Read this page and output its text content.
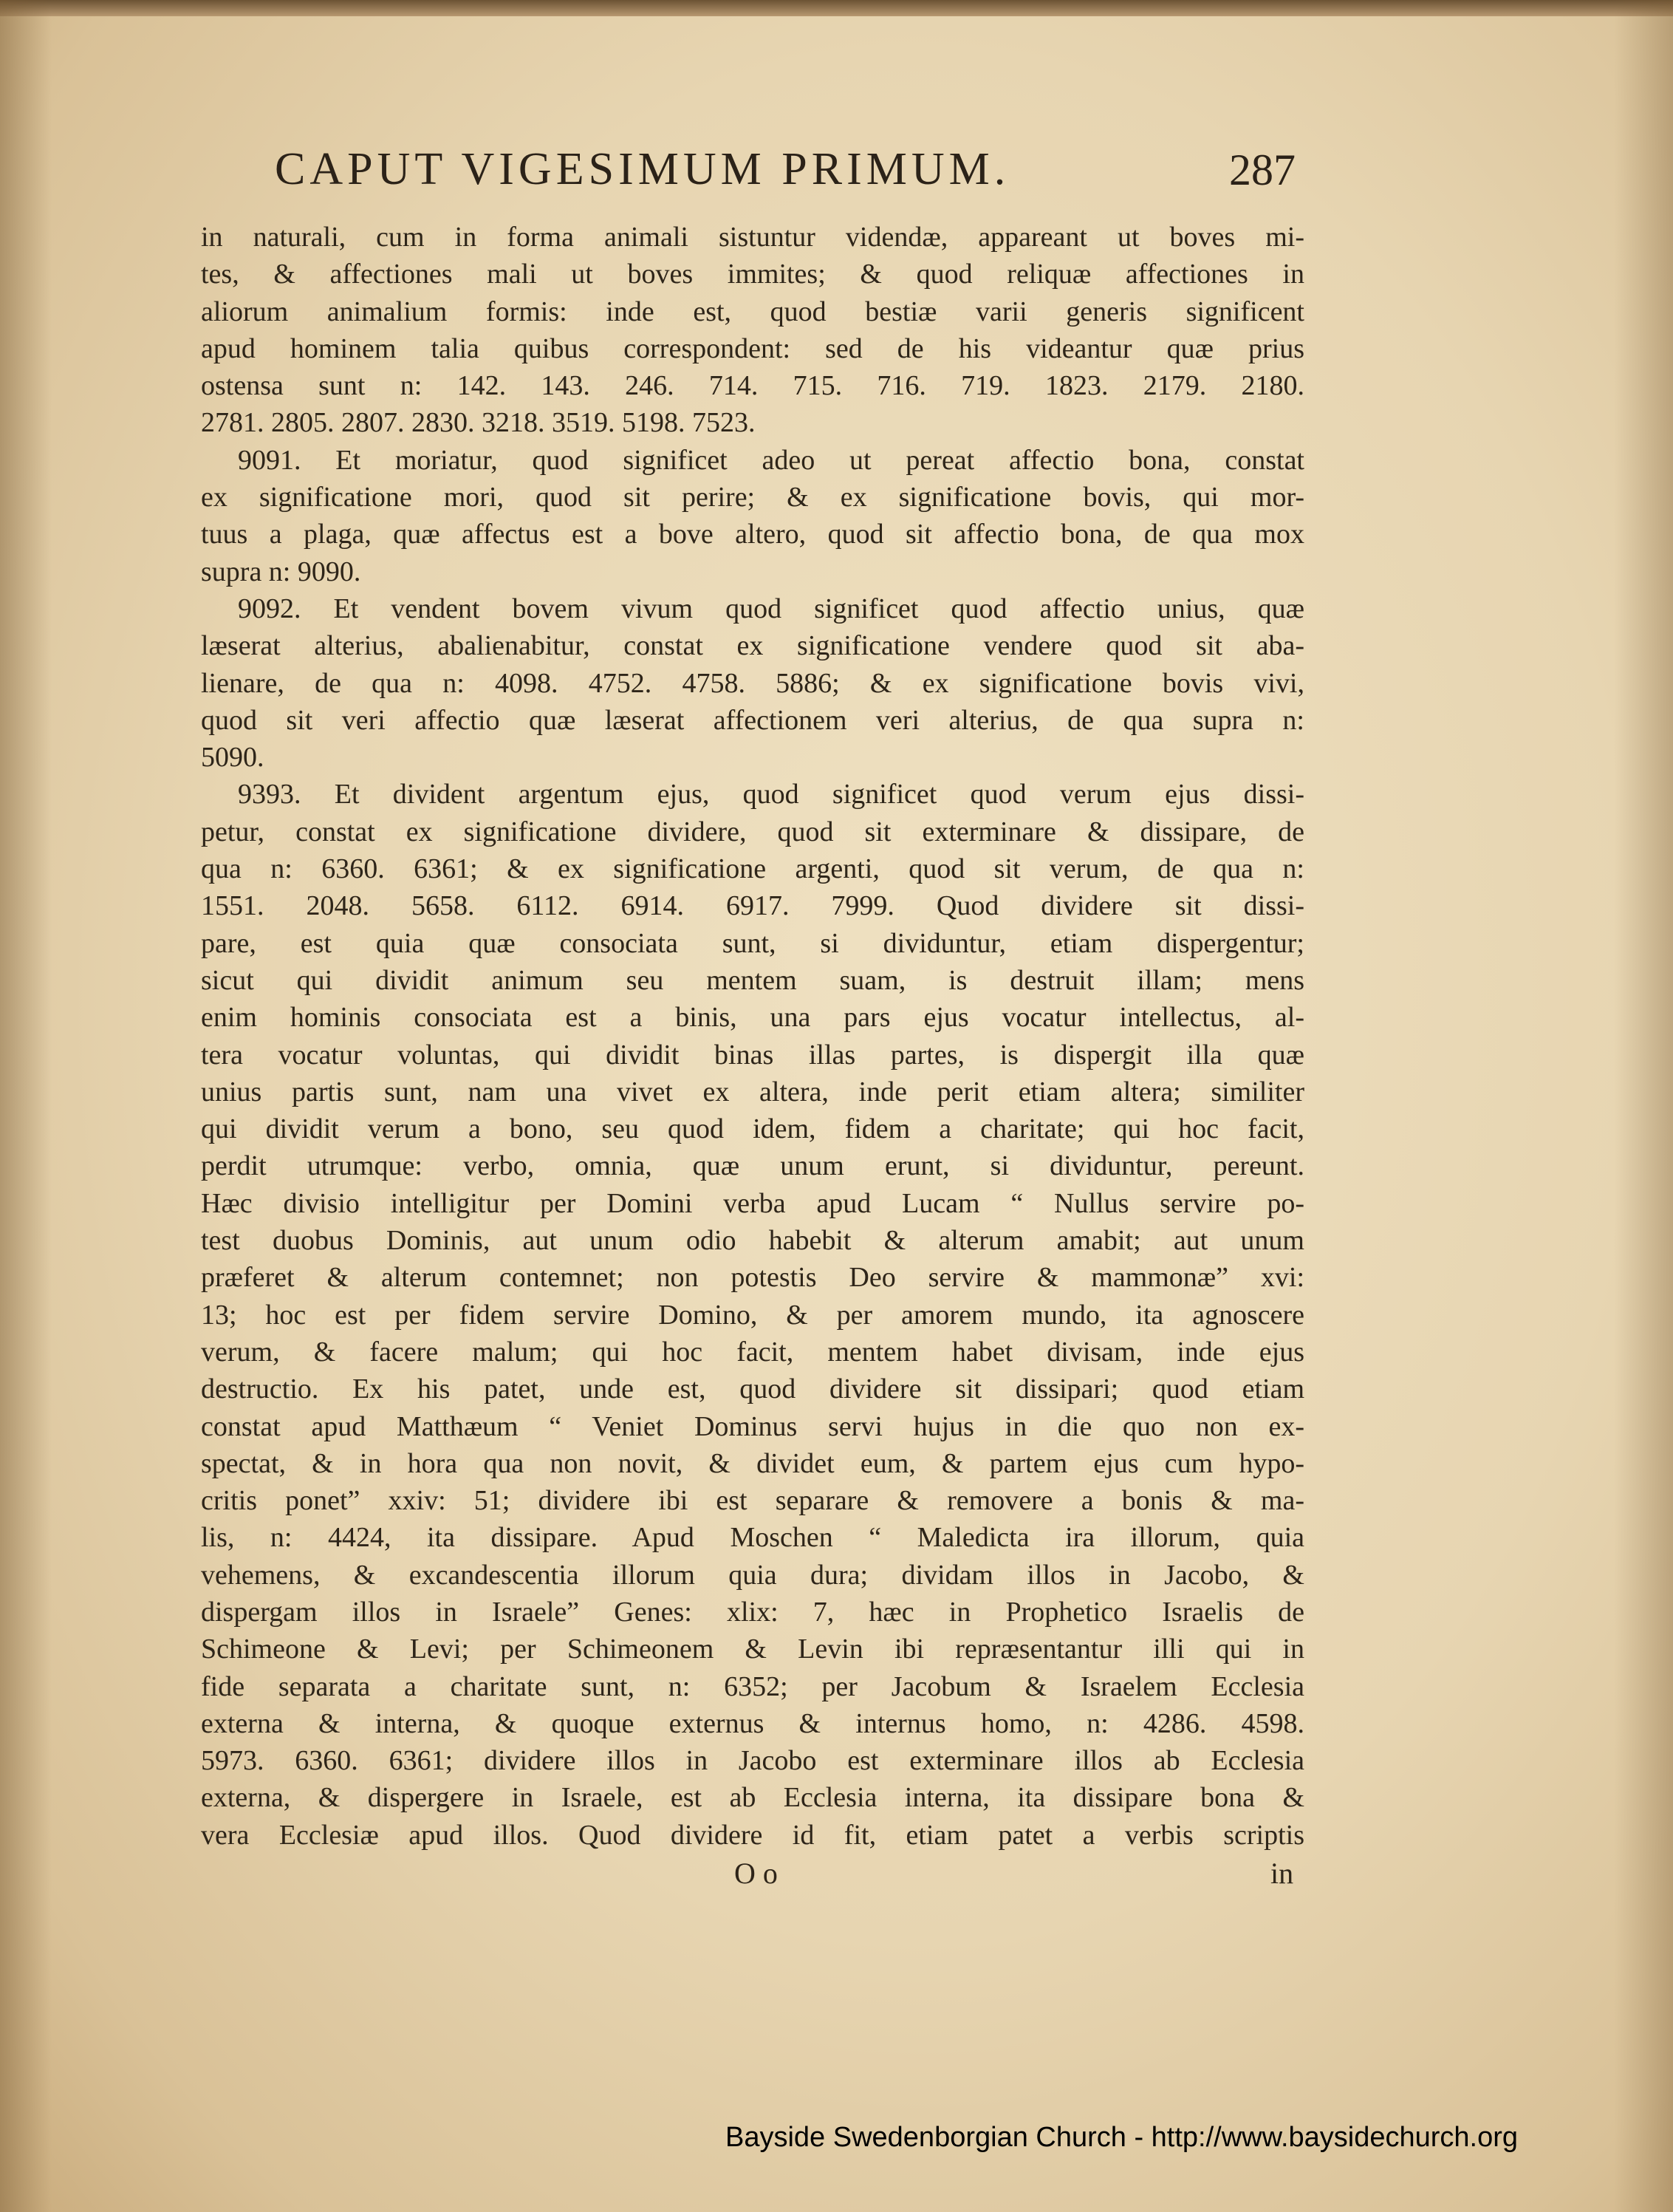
CAPUT VIGESIMUM PRIMUM.	287
in naturali, cum in forma animali sistuntur videndæ, appareant ut boves mi-
tes, & affectiones mali ut boves immites; & quod reliquæ affectiones in
aliorum animalium formis: inde est, quod bestiæ varii generis significent
apud hominem talia quibus correspondent: sed de his videantur quæ prius
ostensa sunt n: 142. 143. 246. 714. 715. 716. 719. 1823. 2179. 2180.
2781. 2805. 2807. 2830. 3218. 3519. 5198. 7523.
9091. Et moriatur, quod significet adeo ut pereat affectio bona, constat
ex significatione mori, quod sit perire; & ex significatione bovis, qui mor-
tuus a plaga, quæ affectus est a bove altero, quod sit affectio bona, de qua mox
supra n: 9090.
9092. Et vendent bovem vivum quod significet quod affectio unius, quæ
læserat alterius, abalienabitur, constat ex significatione vendere quod sit aba-
lienare, de qua n: 4098. 4752. 4758. 5886; & ex significatione bovis vivi,
quod sit veri affectio quæ læserat affectionem veri alterius, de qua supra n:
5090.
9393. Et divident argentum ejus, quod significet quod verum ejus dissi-
petur, constat ex significatione dividere, quod sit exterminare & dissipare, de
qua n: 6360. 6361; & ex significatione argenti, quod sit verum, de qua n:
1551. 2048. 5658. 6112. 6914. 6917. 7999. Quod dividere sit dissi-
pare, est quia quæ consociata sunt, si dividuntur, etiam dispergentur;
sicut qui dividit animum seu mentem suam, is destruit illam; mens
enim hominis consociata est a binis, una pars ejus vocatur intellectus, al-
tera vocatur voluntas, qui dividit binas illas partes, is dispergit illa quæ
unius partis sunt, nam una vivet ex altera, inde perit etiam altera; similiter
qui dividit verum a bono, seu quod idem, fidem a charitate; qui hoc facit,
perdit utrumque: verbo, omnia, quæ unum erunt, si dividuntur, pereunt.
Hæc divisio intelligitur per Domini verba apud Lucam “ Nullus servire po-
test duobus Dominis, aut unum odio habebit & alterum amabit; aut unum
præferet & alterum contemnet; non potestis Deo servire & mammonæ” xvi:
13; hoc est per fidem servire Domino, & per amorem mundo, ita agnoscere
verum, & facere malum; qui hoc facit, mentem habet divisam, inde ejus
destructio. Ex his patet, unde est, quod dividere sit dissipari; quod etiam
constat apud Matthæum “ Veniet Dominus servi hujus in die quo non ex-
spectat, & in hora qua non novit, & dividet eum, & partem ejus cum hypo-
critis ponet” xxiv: 51; dividere ibi est separare & removere a bonis & ma-
lis, n: 4424, ita dissipare. Apud Moschen “ Maledicta ira illorum, quia
vehemens, & excandescentia illorum quia dura; dividam illos in Jacobo, &
dispergam illos in Israele” Genes: xlix: 7, hæc in Prophetico Israelis de
Schimeone & Levi; per Schimeonem & Levin ibi repræsentantur illi qui in
fide separata a charitate sunt, n: 6352; per Jacobum & Israelem Ecclesia
externa & interna, & quoque externus & internus homo, n: 4286. 4598.
5973. 6360. 6361; dividere illos in Jacobo est exterminare illos ab Ecclesia
externa, & dispergere in Israele, est ab Ecclesia interna, ita dissipare bona &
vera Ecclesiæ apud illos. Quod dividere id fit, etiam patet a verbis scriptis
O o	in
Bayside Swedenborgian Church - http://www.baysidechurch.org
